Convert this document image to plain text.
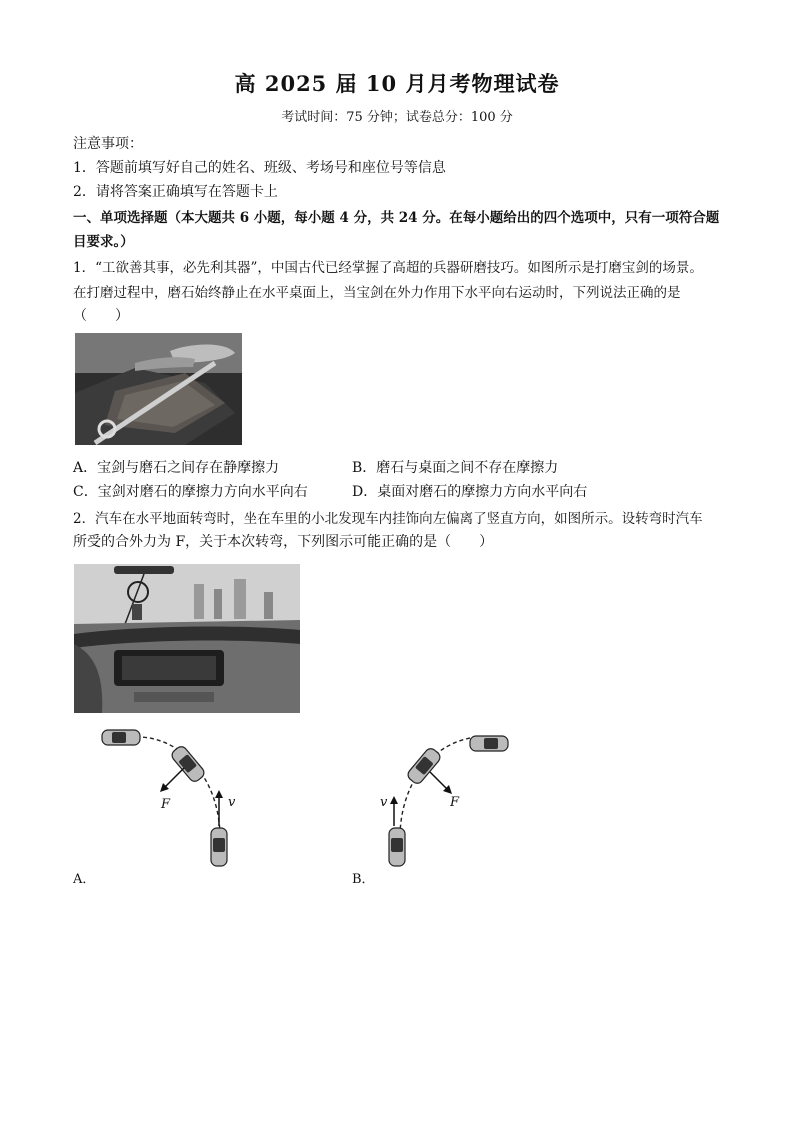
高 2025 届 10 月月考物理试卷
考试时间：75 分钟；试卷总分：100 分
注意事项：
1．答题前填写好自己的姓名、班级、考场号和座位号等信息
2．请将答案正确填写在答题卡上
一、单项选择题（本大题共 6 小题，每小题 4 分，共 24 分。在每小题给出的四个选项中，只有一项符合题
目要求。）
1．“工欲善其事，必先利其器”，中国古代已经掌握了高超的兵器研磨技巧。如图所示是打磨宝剑的场景。
在打磨过程中，磨石始终静止在水平桌面上，当宝剑在外力作用下水平向右运动时，下列说法正确的是
（　　）
A．宝剑与磨石之间存在静摩擦力	B．磨石与桌面之间不存在摩擦力
C．宝剑对磨石的摩擦力方向水平向右	D．桌面对磨石的摩擦力方向水平向右
2．汽车在水平地面转弯时，坐在车里的小北发现车内挂饰向左偏离了竖直方向，如图所示。设转弯时汽车
所受的合外力为 F，关于本次转弯，下列图示可能正确的是（　　）
F	v
A．
F
v
B．
